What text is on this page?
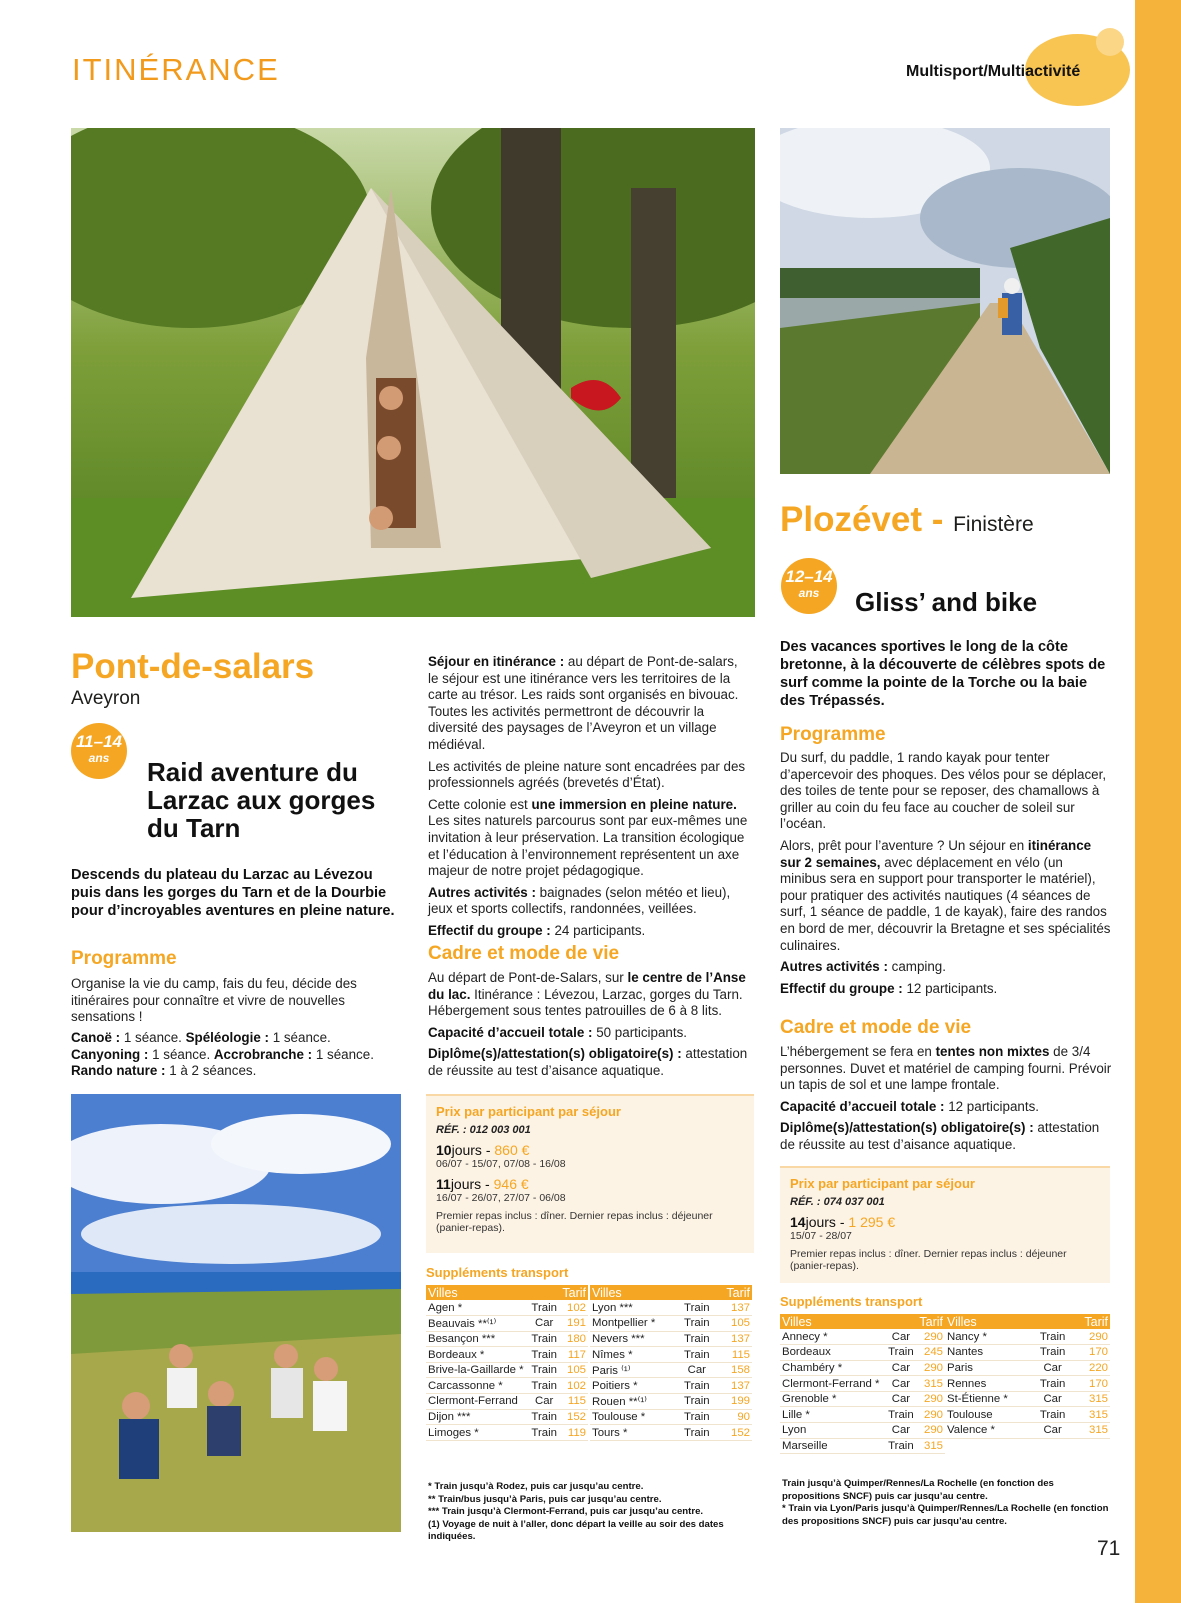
ITINÉRANCE	Multisport/Multiactivité
Pont-de-salars
Aveyron
11–14
ans	Raid aventure du Larzac aux gorges du Tarn
Descends du plateau du Larzac au Lévezou puis dans les gorges du Tarn et de la Dourbie pour d’incroyables aventures en pleine nature.
Programme
Organise la vie du camp, fais du feu, décide des itinéraires pour connaître et vivre de nouvelles sensations !
Canoë : 1 séance. Spéléologie : 1 séance.
Canyoning : 1 séance. Accrobranche : 1 séance.
Rando nature : 1 à 2 séances.
Séjour en itinérance : au départ de Pont-de-salars, le séjour est une itinérance vers les territoires de la carte au trésor. Les raids sont organisés en bivouac. Toutes les activités permettront de découvrir la diversité des paysages de l’Aveyron et un village médiéval.
Les activités de pleine nature sont encadrées par des professionnels agréés (brevetés d’État).
Cette colonie est une immersion en pleine nature. Les sites naturels parcourus sont par eux-mêmes une invitation à leur préservation. La transition écologique et l’éducation à l’environnement représentent un axe majeur de notre projet pédagogique.
Autres activités : baignades (selon météo et lieu), jeux et sports collectifs, randonnées, veillées.
Effectif du groupe : 24 participants.
Cadre et mode de vie
Au départ de Pont-de-Salars, sur le centre de l’Anse du lac. Itinérance : Lévezou, Larzac, gorges du Tarn. Hébergement sous tentes patrouilles de 6 à 8 lits.
Capacité d’accueil totale : 50 participants.
Diplôme(s)/attestation(s) obligatoire(s) : attestation de réussite au test d’aisance aquatique.
Prix par participant par séjour
RÉF. : 012 003 001
10jours - 860 €
06/07 - 15/07, 07/08 - 16/08
11jours - 946 €
16/07 - 26/07, 27/07 - 06/08
Premier repas inclus : dîner. Dernier repas inclus : déjeuner (panier-repas).
Suppléments transport
Villes		Tarif
Agen *	Train	102
Beauvais **⁽¹⁾	Car	191
Besançon ***	Train	180
Bordeaux *	Train	117
Brive-la-Gaillarde *	Train	105
Carcassonne *	Train	102
Clermont-Ferrand	Car	115
Dijon ***	Train	152
Limoges *	Train	119
Villes		Tarif
Lyon ***	Train	137
Montpellier *	Train	105
Nevers ***	Train	137
Nîmes *	Train	115
Paris ⁽¹⁾	Car	158
Poitiers *	Train	137
Rouen **⁽¹⁾	Train	199
Toulouse *	Train	90
Tours *	Train	152
* Train jusqu’à Rodez, puis car jusqu’au centre.
** Train/bus jusqu’à Paris, puis car jusqu’au centre.
*** Train jusqu’à Clermont-Ferrand, puis car jusqu’au centre.
(1) Voyage de nuit à l’aller, donc départ la veille au soir des dates indiquées.
Plozévet - Finistère
12–14
ans	Gliss’ and bike
Des vacances sportives le long de la côte bretonne, à la découverte de célèbres spots de surf comme la pointe de la Torche ou la baie des Trépassés.
Programme
Du surf, du paddle, 1 rando kayak pour tenter d’apercevoir des phoques. Des vélos pour se déplacer, des toiles de tente pour se reposer, des chamallows à griller au coin du feu face au coucher de soleil sur l’océan.
Alors, prêt pour l’aventure ? Un séjour en itinérance sur 2 semaines, avec déplacement en vélo (un minibus sera en support pour transporter le matériel), pour pratiquer des activités nautiques (4 séances de surf, 1 séance de paddle, 1 de kayak), faire des randos en bord de mer, découvrir la Bretagne et ses spécialités culinaires.
Autres activités : camping.
Effectif du groupe : 12 participants.
Cadre et mode de vie
L’hébergement se fera en tentes non mixtes de 3/4 personnes. Duvet et matériel de camping fourni. Prévoir un tapis de sol et une lampe frontale.
Capacité d’accueil totale : 12 participants.
Diplôme(s)/attestation(s) obligatoire(s) : attestation de réussite au test d’aisance aquatique.
Prix par participant par séjour
RÉF. : 074 037 001
14jours - 1 295 €
15/07 - 28/07
Premier repas inclus : dîner. Dernier repas inclus : déjeuner (panier-repas).
Suppléments transport
Villes		Tarif
Annecy *	Car	290
Bordeaux	Train	245
Chambéry *	Car	290
Clermont-Ferrand *	Car	315
Grenoble *	Car	290
Lille *	Train	290
Lyon	Car	290
Marseille	Train	315
Villes		Tarif
Nancy *	Train	290
Nantes	Train	170
Paris	Car	220
Rennes	Train	170
St-Étienne *	Car	315
Toulouse	Train	315
Valence *	Car	315
Train jusqu’à Quimper/Rennes/La Rochelle (en fonction des propositions SNCF) puis car jusqu’au centre.
* Train via Lyon/Paris jusqu’à Quimper/Rennes/La Rochelle (en fonction des propositions SNCF) puis car jusqu’au centre.
71
